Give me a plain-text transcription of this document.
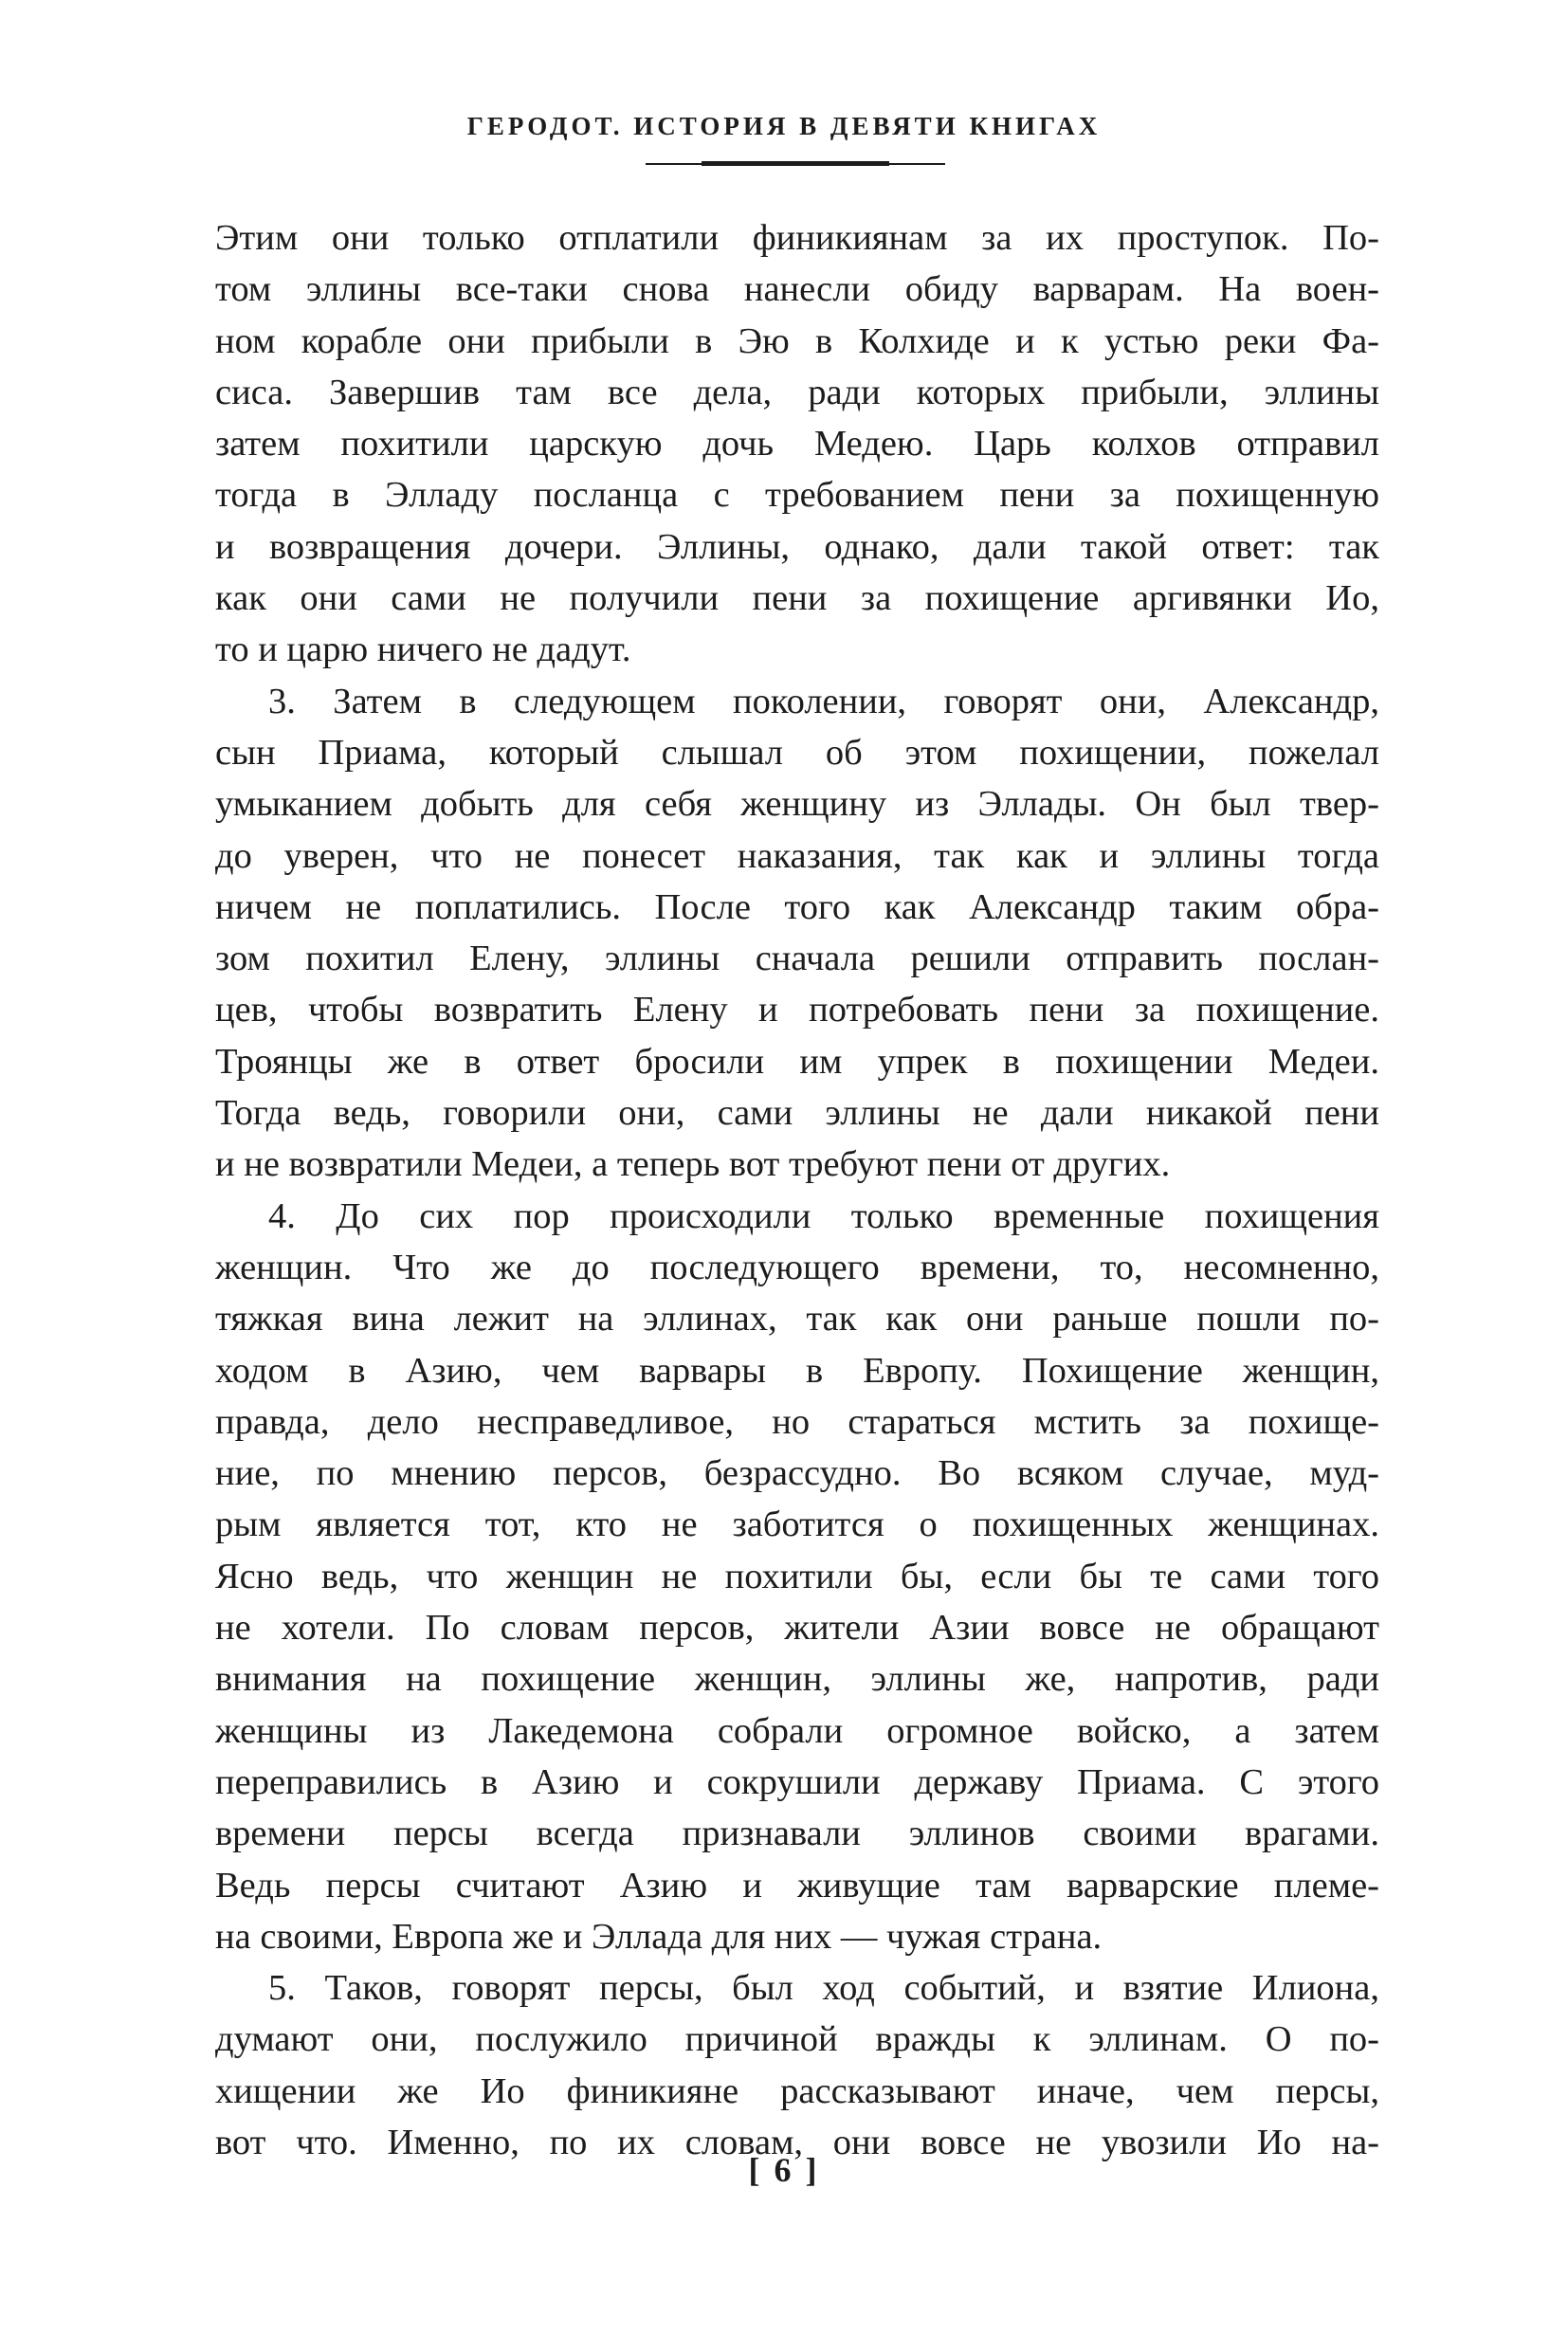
ГЕРОДОТ. ИСТОРИЯ В ДЕВЯТИ КНИГАХ
Этим они только отплатили финикиянам за их проступок. По-
том эллины все-таки снова нанесли обиду варварам. На воен-
ном корабле они прибыли в Эю в Колхиде и к устью реки Фа-
сиса. Завершив там все дела, ради которых прибыли, эллины
затем похитили царскую дочь Медею. Царь колхов отправил
тогда в Элладу посланца с требованием пени за похищенную
и возвращения дочери. Эллины, однако, дали такой ответ: так
как они сами не получили пени за похищение аргивянки Ио,
то и царю ничего не дадут.
3. Затем в следующем поколении, говорят они, Александр,
сын Приама, который слышал об этом похищении, пожелал
умыканием добыть для себя женщину из Эллады. Он был твер-
до уверен, что не понесет наказания, так как и эллины тогда
ничем не поплатились. После того как Александр таким обра-
зом похитил Елену, эллины сначала решили отправить послан-
цев, чтобы возвратить Елену и потребовать пени за похищение.
Троянцы же в ответ бросили им упрек в похищении Медеи.
Тогда ведь, говорили они, сами эллины не дали никакой пени
и не возвратили Медеи, а теперь вот требуют пени от других.
4. До сих пор происходили только временные похищения
женщин. Что же до последующего времени, то, несомненно,
тяжкая вина лежит на эллинах, так как они раньше пошли по-
ходом в Азию, чем варвары в Европу. Похищение женщин,
правда, дело несправедливое, но стараться мстить за похище-
ние, по мнению персов, безрассудно. Во всяком случае, муд-
рым является тот, кто не заботится о похищенных женщинах.
Ясно ведь, что женщин не похитили бы, если бы те сами того
не хотели. По словам персов, жители Азии вовсе не обращают
внимания на похищение женщин, эллины же, напротив, ради
женщины из Лакедемона собрали огромное войско, а затем
переправились в Азию и сокрушили державу Приама. С этого
времени персы всегда признавали эллинов своими врагами.
Ведь персы считают Азию и живущие там варварские племе-
на своими, Европа же и Эллада для них — чужая страна.
5. Таков, говорят персы, был ход событий, и взятие Илиона,
думают они, послужило причиной вражды к эллинам. О по-
хищении же Ио финикияне рассказывают иначе, чем персы,
вот что. Именно, по их словам, они вовсе не увозили Ио на-
[ 6 ]
